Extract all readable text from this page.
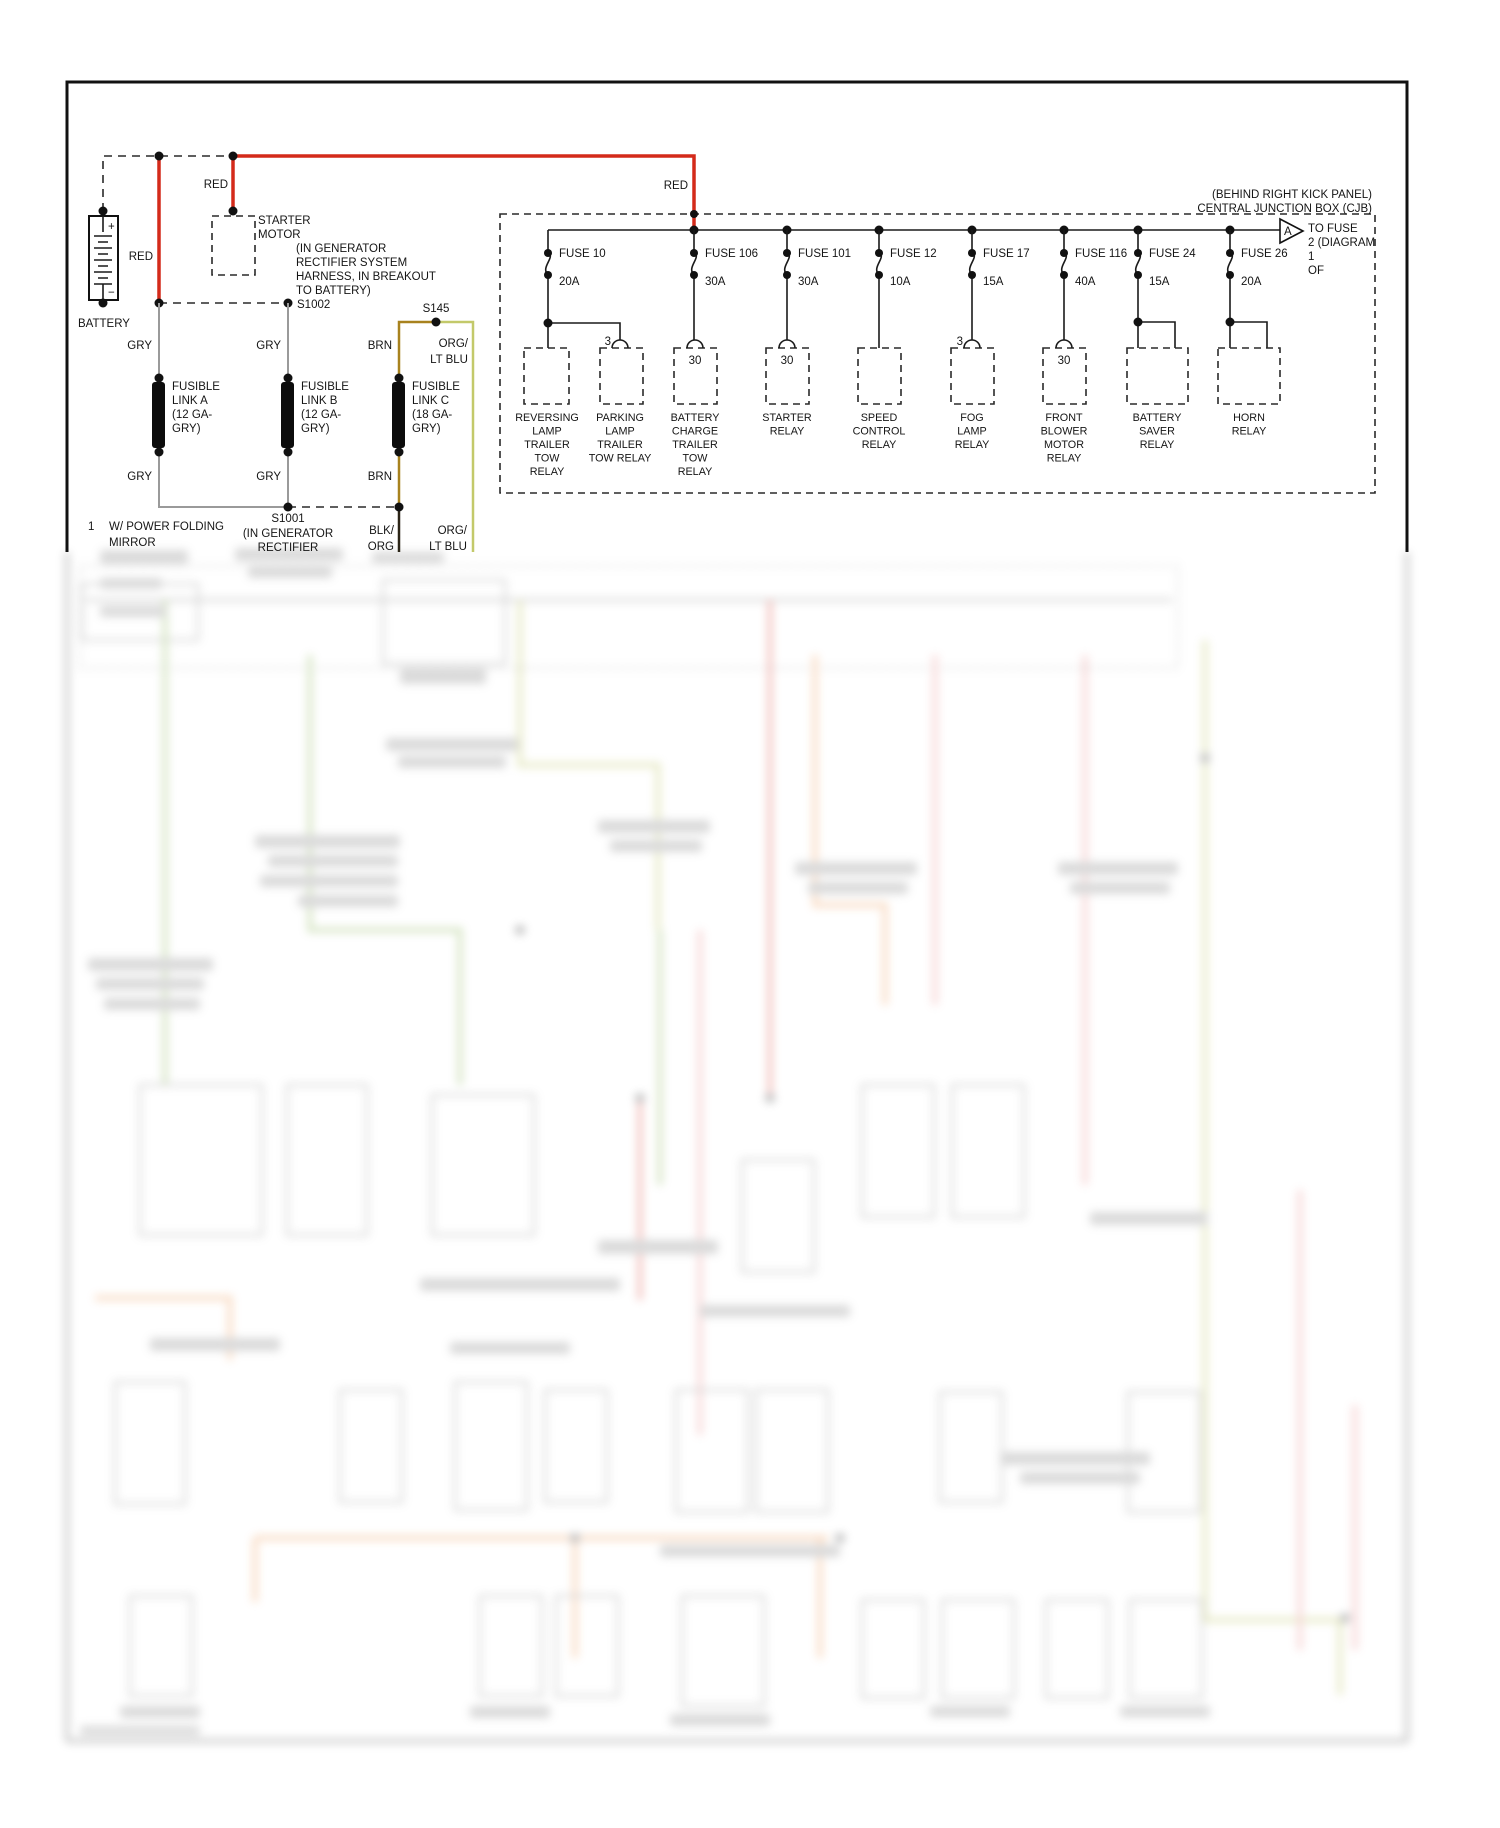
+
−
BATTERY
STARTER
MOTOR
RED
RED	RED
(IN GENERATOR
RECTIFIER SYSTEM
HARNESS, IN BREAKOUT
TO BATTERY)
S1002
GRY
GRY
FUSIBLE
LINK A
(12 GA-
GRY)
GRY
GRY
FUSIBLE
LINK B
(12 GA-
GRY)
S1001
(IN GENERATOR
RECTIFIER
1 W/ POWER FOLDING
MIRROR
S145
BRN
BRN
ORG/
LT BLU
BLK/
ORG
ORG/
LT BLU
FUSIBLE
LINK C
(18 GA-
GRY)
(BEHIND RIGHT KICK PANEL)
CENTRAL JUNCTION BOX (CJB)
A TO FUSE
2 (DIAGRAM
1
OF
FUSE 10
20A
FUSE 106
30A
FUSE 101
30A
FUSE 12
10A
FUSE 17
15A
FUSE 116
40A
FUSE 24
15A
FUSE 26
20A
3
30	30
3
30
REVERSING
LAMP
TRAILER
TOW
RELAY
PARKING
LAMP
TRAILER
TOW RELAY
BATTERY
CHARGE
TRAILER
TOW
RELAY
STARTER
RELAY
SPEED
CONTROL
RELAY
FOG
LAMP
RELAY
FRONT
BLOWER
MOTOR
RELAY
BATTERY
SAVER
RELAY
HORN
RELAY
